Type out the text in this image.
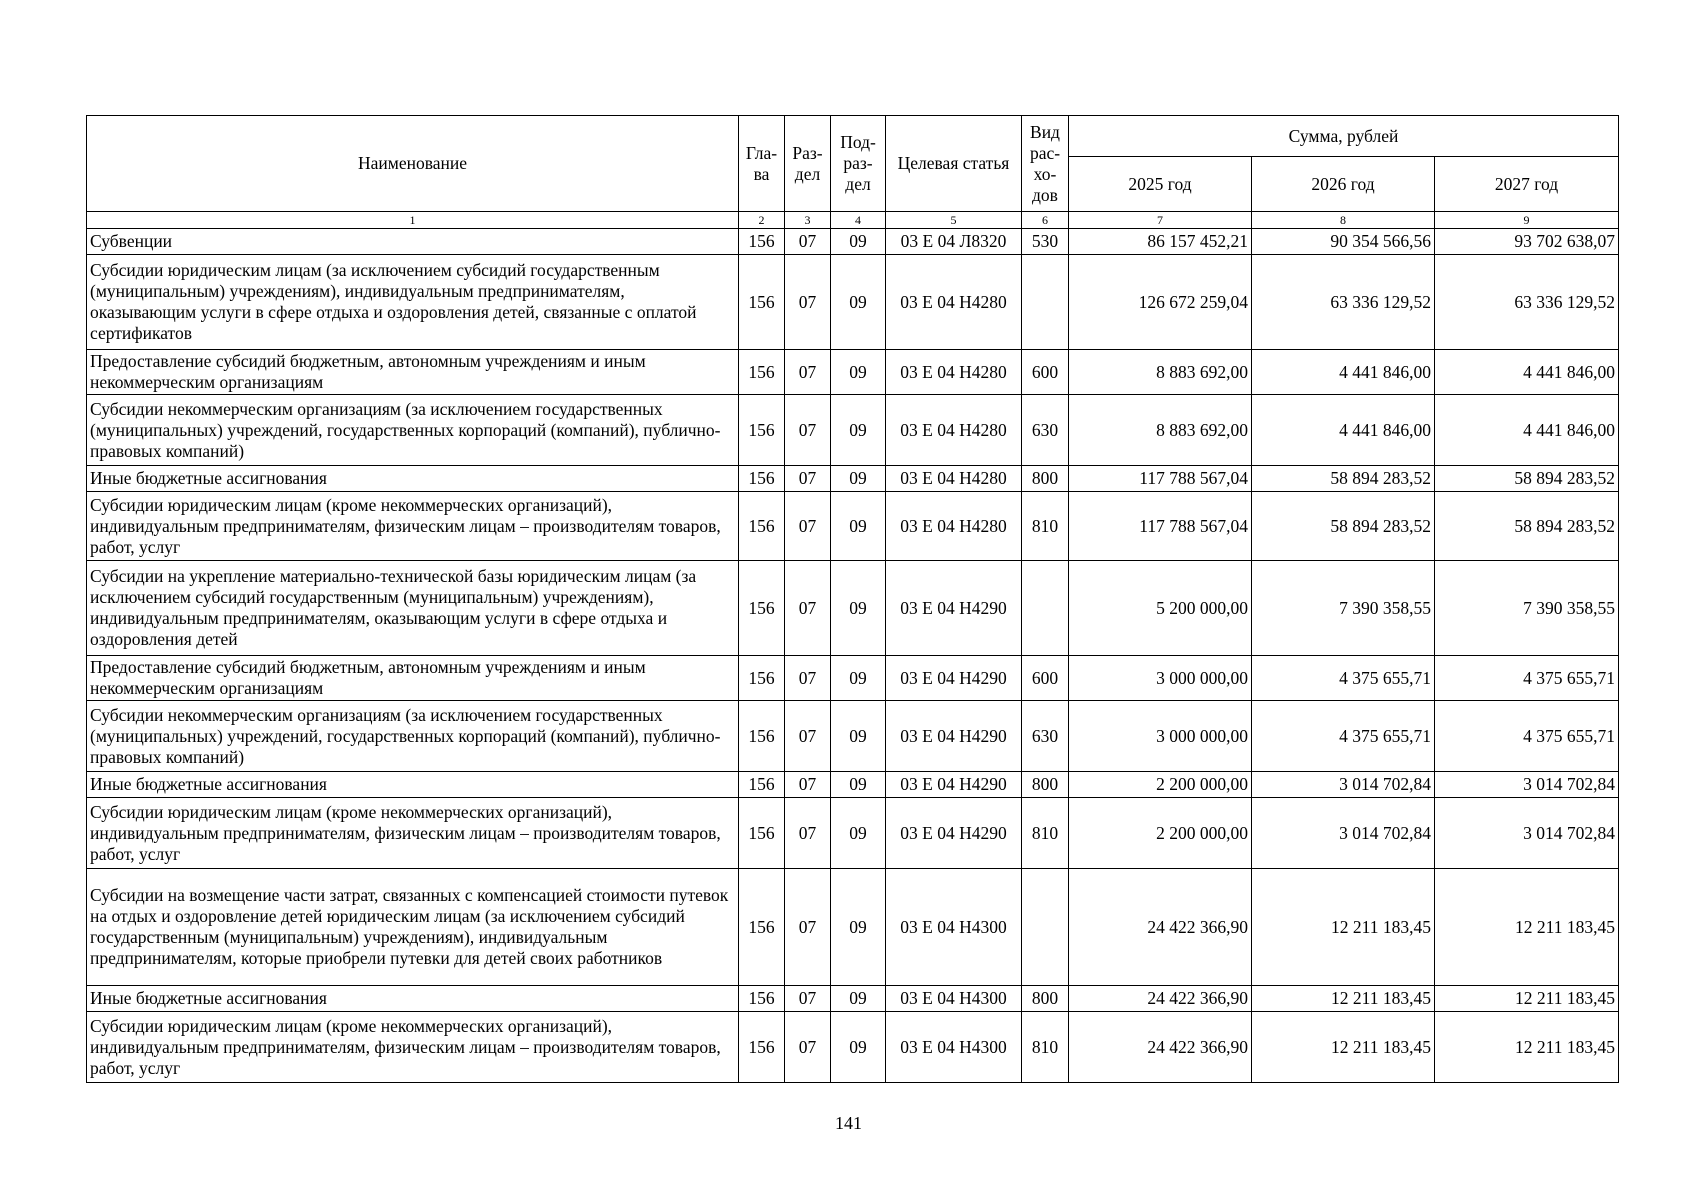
Наименование	Гла-ва	Раз-дел	Под-раз-дел	Целевая статья	Вид рас-хо-дов	Сумма, рублей		
						2025 год	2026 год	2027 год
1	2	3	4	5	6	7	8	9
Субвенции	156	07	09	03 Е 04 Л8320	530	86 157 452,21	90 354 566,56	93 702 638,07
Субсидии юридическим лицам (за исключением субсидий государственным (муниципальным) учреждениям), индивидуальным предпринимателям, оказывающим услуги в сфере отдыха и оздоровления детей, связанные с оплатой сертификатов	156	07	09	03 Е 04 Н4280		126 672 259,04	63 336 129,52	63 336 129,52
Предоставление субсидий бюджетным, автономным учреждениям и иным некоммерческим организациям	156	07	09	03 Е 04 Н4280	600	8 883 692,00	4 441 846,00	4 441 846,00
Субсидии некоммерческим организациям (за исключением государственных (муниципальных) учреждений, государственных корпораций (компаний), публично-правовых компаний)	156	07	09	03 Е 04 Н4280	630	8 883 692,00	4 441 846,00	4 441 846,00
Иные бюджетные ассигнования	156	07	09	03 Е 04 Н4280	800	117 788 567,04	58 894 283,52	58 894 283,52
Субсидии юридическим лицам (кроме некоммерческих организаций), индивидуальным предпринимателям, физическим лицам – производителям товаров, работ, услуг	156	07	09	03 Е 04 Н4280	810	117 788 567,04	58 894 283,52	58 894 283,52
Субсидии на укрепление материально-технической базы юридическим лицам (за исключением субсидий государственным (муниципальным) учреждениям), индивидуальным предпринимателям, оказывающим услуги в сфере отдыха и оздоровления детей	156	07	09	03 Е 04 Н4290		5 200 000,00	7 390 358,55	7 390 358,55
Предоставление субсидий бюджетным, автономным учреждениям и иным некоммерческим организациям	156	07	09	03 Е 04 Н4290	600	3 000 000,00	4 375 655,71	4 375 655,71
Субсидии некоммерческим организациям (за исключением государственных (муниципальных) учреждений, государственных корпораций (компаний), публично-правовых компаний)	156	07	09	03 Е 04 Н4290	630	3 000 000,00	4 375 655,71	4 375 655,71
Иные бюджетные ассигнования	156	07	09	03 Е 04 Н4290	800	2 200 000,00	3 014 702,84	3 014 702,84
Субсидии юридическим лицам (кроме некоммерческих организаций), индивидуальным предпринимателям, физическим лицам – производителям товаров, работ, услуг	156	07	09	03 Е 04 Н4290	810	2 200 000,00	3 014 702,84	3 014 702,84
Субсидии на возмещение части затрат, связанных с компенсацией стоимости путевок на отдых и оздоровление детей юридическим лицам (за исключением субсидий государственным (муниципальным) учреждениям), индивидуальным предпринимателям, которые приобрели путевки для детей своих работников	156	07	09	03 Е 04 Н4300		24 422 366,90	12 211 183,45	12 211 183,45
Иные бюджетные ассигнования	156	07	09	03 Е 04 Н4300	800	24 422 366,90	12 211 183,45	12 211 183,45
Субсидии юридическим лицам (кроме некоммерческих организаций), индивидуальным предпринимателям, физическим лицам – производителям товаров, работ, услуг	156	07	09	03 Е 04 Н4300	810	24 422 366,90	12 211 183,45	12 211 183,45
141
